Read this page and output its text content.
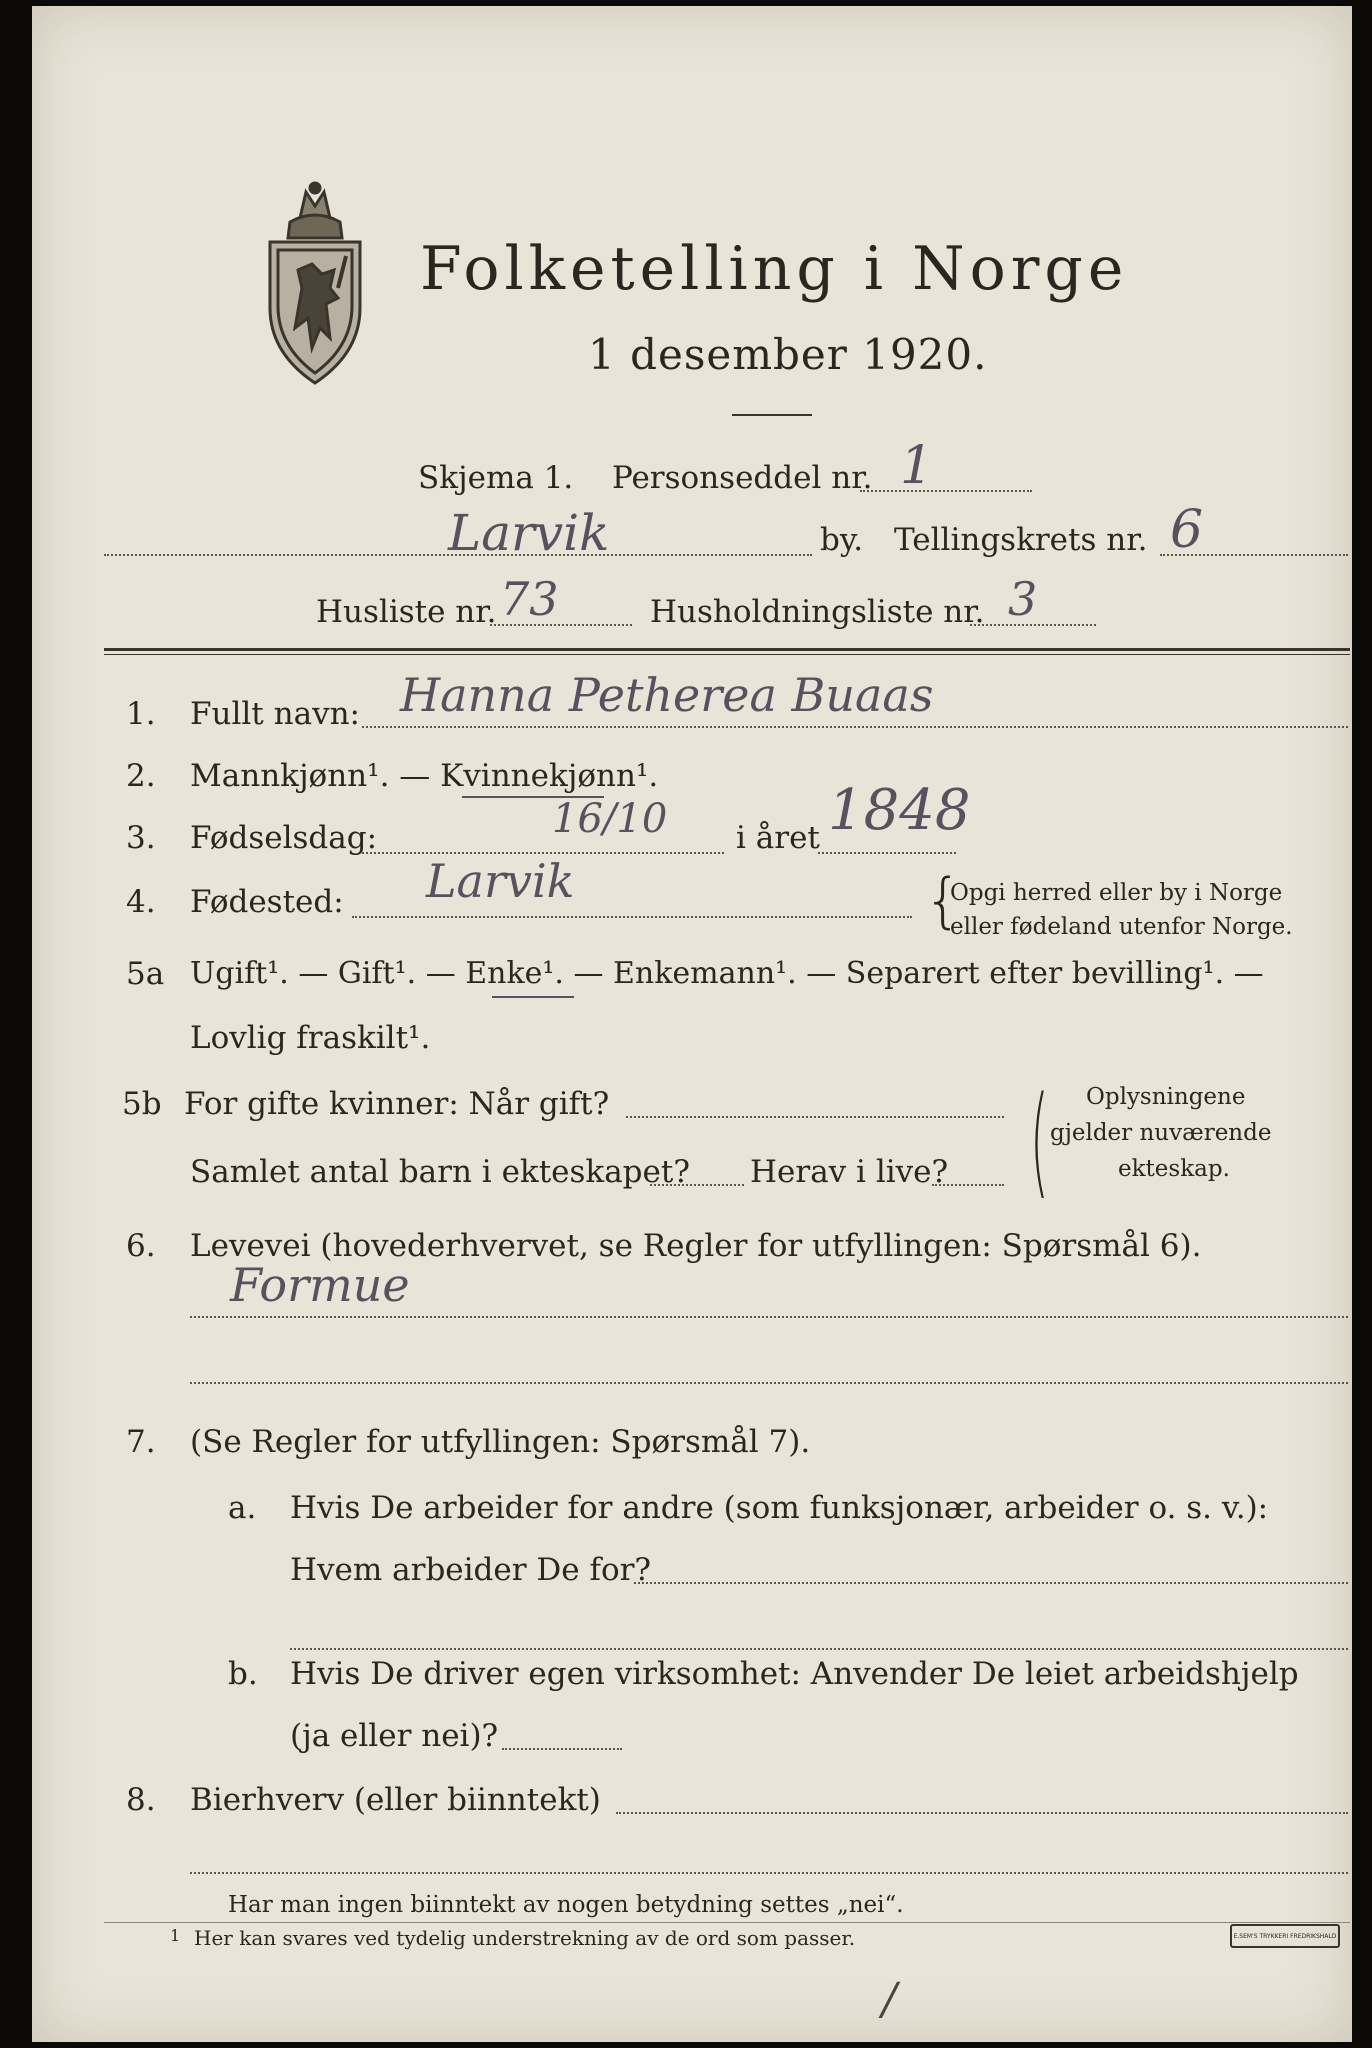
Folketelling i Norge
1 desember 1920.
Skjema 1. Personseddel nr. 1
Larvik	by. Tellingskrets nr. 6
Husliste nr. 73	Husholdningsliste nr. 3
1. Fullt navn: Hanna Petherea Buaas
2. Mannkjønn¹. — Kvinnekjønn¹.
3. Fødselsdag:	16/10 i året 1848
4. Fødested: Larvik	{
Opgi herred eller by i Norge
eller fødeland utenfor Norge.
5a Ugift¹. — Gift¹. — Enke¹. — Enkemann¹. — Separert efter bevilling¹. —
Lovlig fraskilt¹.
5b For gifte kvinner: Når gift?
Samlet antal barn i ekteskapet? Herav i live? ( Oplysningene
gjelder nuværende
ekteskap.
6. Levevei (hovederhvervet, se Regler for utfyllingen: Spørsmål 6).
Formue
7. (Se Regler for utfyllingen: Spørsmål 7).
a. Hvis De arbeider for andre (som funksjonær, arbeider o. s. v.):
Hvem arbeider De for?
b. Hvis De driver egen virksomhet: Anvender De leiet arbeidshjelp
(ja eller nei)?
8. Bierhverv (eller biinntekt)
Har man ingen biinntekt av nogen betydning settes „nei“.
1 Her kan svares ved tydelig understrekning av de ord som passer.	E.SEM'S TRYKKERI FREDRIKSHALD
/
